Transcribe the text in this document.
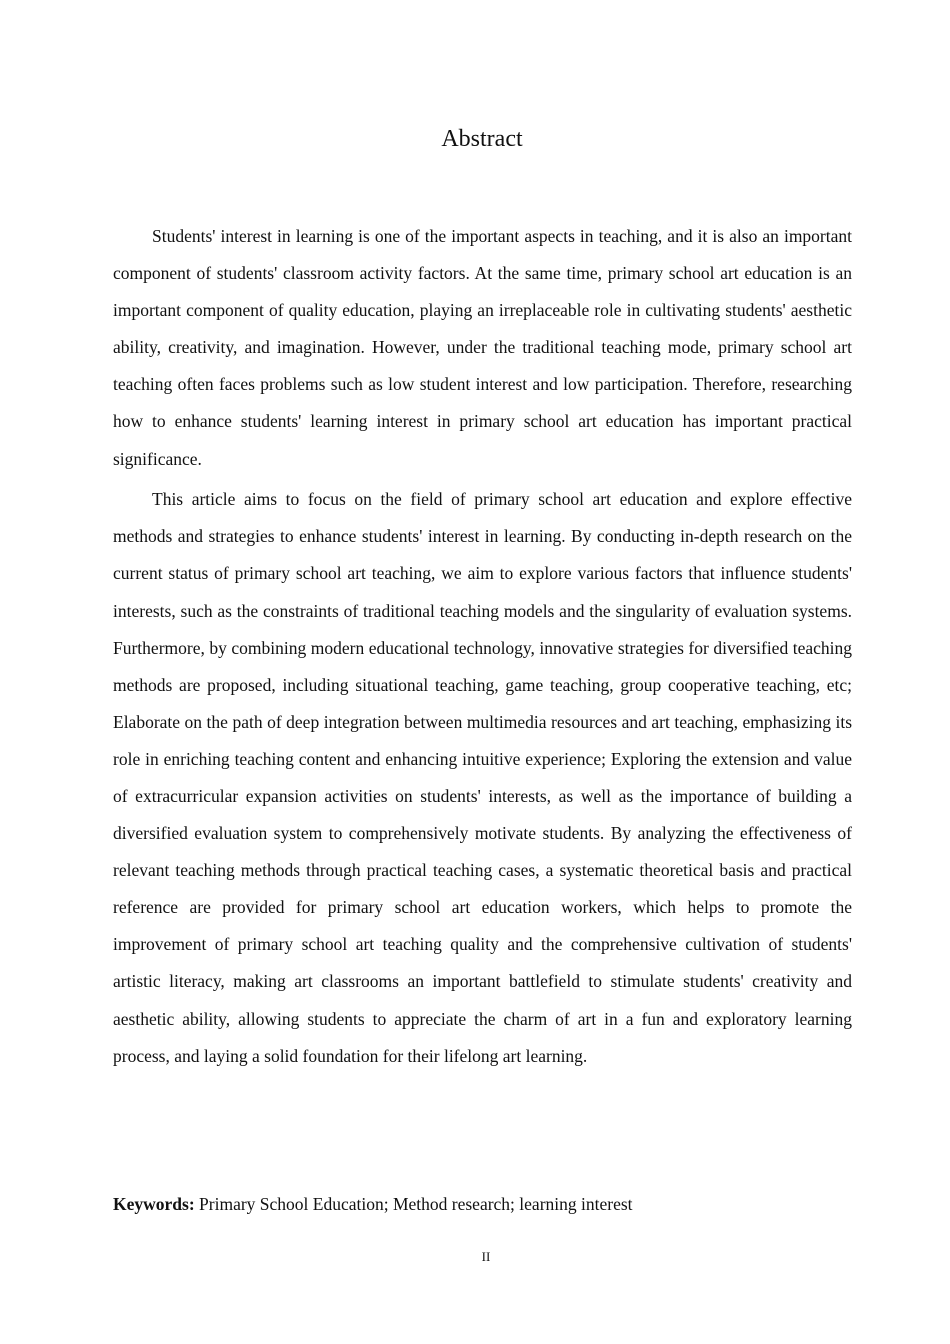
Abstract

Students' interest in learning is one of the important aspects in teaching, and it is also an important component of students' classroom activity factors. At the same time, primary school art education is an important component of quality education, playing an irreplaceable role in cultivating students' aesthetic ability, creativity, and imagination. However, under the traditional teaching mode, primary school art teaching often faces problems such as low student interest and low participation. Therefore, researching how to enhance students' learning interest in primary school art education has important practical significance.

This article aims to focus on the field of primary school art education and explore effective methods and strategies to enhance students' interest in learning. By conducting in-depth research on the current status of primary school art teaching, we aim to explore various factors that influence students' interests, such as the constraints of traditional teaching models and the singularity of evaluation systems. Furthermore, by combining modern educational technology, innovative strategies for diversified teaching methods are proposed, including situational teaching, game teaching, group cooperative teaching, etc; Elaborate on the path of deep integration between multimedia resources and art teaching, emphasizing its role in enriching teaching content and enhancing intuitive experience; Exploring the extension and value of extracurricular expansion activities on students' interests, as well as the importance of building a diversified evaluation system to comprehensively motivate students. By analyzing the effectiveness of relevant teaching methods through practical teaching cases, a systematic theoretical basis and practical reference are provided for primary school art education workers, which helps to promote the improvement of primary school art teaching quality and the comprehensive cultivation of students' artistic literacy, making art classrooms an important battlefield to stimulate students' creativity and aesthetic ability, allowing students to appreciate the charm of art in a fun and exploratory learning process, and laying a solid foundation for their lifelong art learning.

Keywords: Primary School Education; Method research; learning interest

II
